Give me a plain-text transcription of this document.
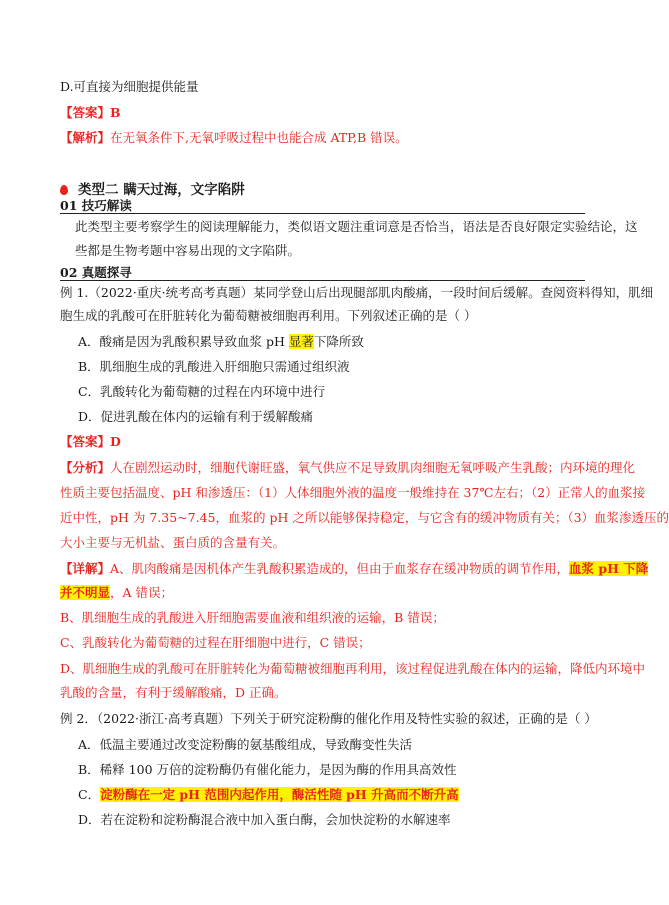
D.可直接为细胞提供能量
【答案】B
【解析】在无氧条件下,无氧呼吸过程中也能合成 ATP,B 错误。
类型二 瞒天过海，文字陷阱
01 技巧解读
此类型主要考察学生的阅读理解能力，类似语文题注重词意是否恰当，语法是否良好限定实验结论，这
些都是生物考题中容易出现的文字陷阱。
02 真题探寻
例 1.（2022·重庆·统考高考真题）某同学登山后出现腿部肌肉酸痛，一段时间后缓解。查阅资料得知，肌细
胞生成的乳酸可在肝脏转化为葡萄糖被细胞再利用。下列叙述正确的是（ ）
A．酸痛是因为乳酸积累导致血浆 pH 显著下降所致
B．肌细胞生成的乳酸进入肝细胞只需通过组织液
C．乳酸转化为葡萄糖的过程在内环境中进行
D．促进乳酸在体内的运输有利于缓解酸痛
【答案】D
【分析】人在剧烈运动时，细胞代谢旺盛，氧气供应不足导致肌肉细胞无氧呼吸产生乳酸；内环境的理化
性质主要包括温度、pH 和渗透压：（1）人体细胞外液的温度一般维持在 37℃左右；（2）正常人的血浆接
近中性，pH 为 7.35~7.45，血浆的 pH 之所以能够保持稳定，与它含有的缓冲物质有关；（3）血浆渗透压的
大小主要与无机盐、蛋白质的含量有关。
【详解】A、肌肉酸痛是因机体产生乳酸积累造成的，但由于血浆存在缓冲物质的调节作用，血浆 pH 下降
并不明显，A 错误；
B、肌细胞生成的乳酸进入肝细胞需要血液和组织液的运输，B 错误；
C、乳酸转化为葡萄糖的过程在肝细胞中进行，C 错误；
D、肌细胞生成的乳酸可在肝脏转化为葡萄糖被细胞再利用，该过程促进乳酸在体内的运输，降低内环境中
乳酸的含量，有利于缓解酸痛，D 正确。
例 2．（2022·浙江·高考真题）下列关于研究淀粉酶的催化作用及特性实验的叙述，正确的是（ ）
A．低温主要通过改变淀粉酶的氨基酸组成，导致酶变性失活
B．稀释 100 万倍的淀粉酶仍有催化能力，是因为酶的作用具高效性
C．淀粉酶在一定 pH 范围内起作用，酶活性随 pH 升高而不断升高
D．若在淀粉和淀粉酶混合液中加入蛋白酶，会加快淀粉的水解速率
